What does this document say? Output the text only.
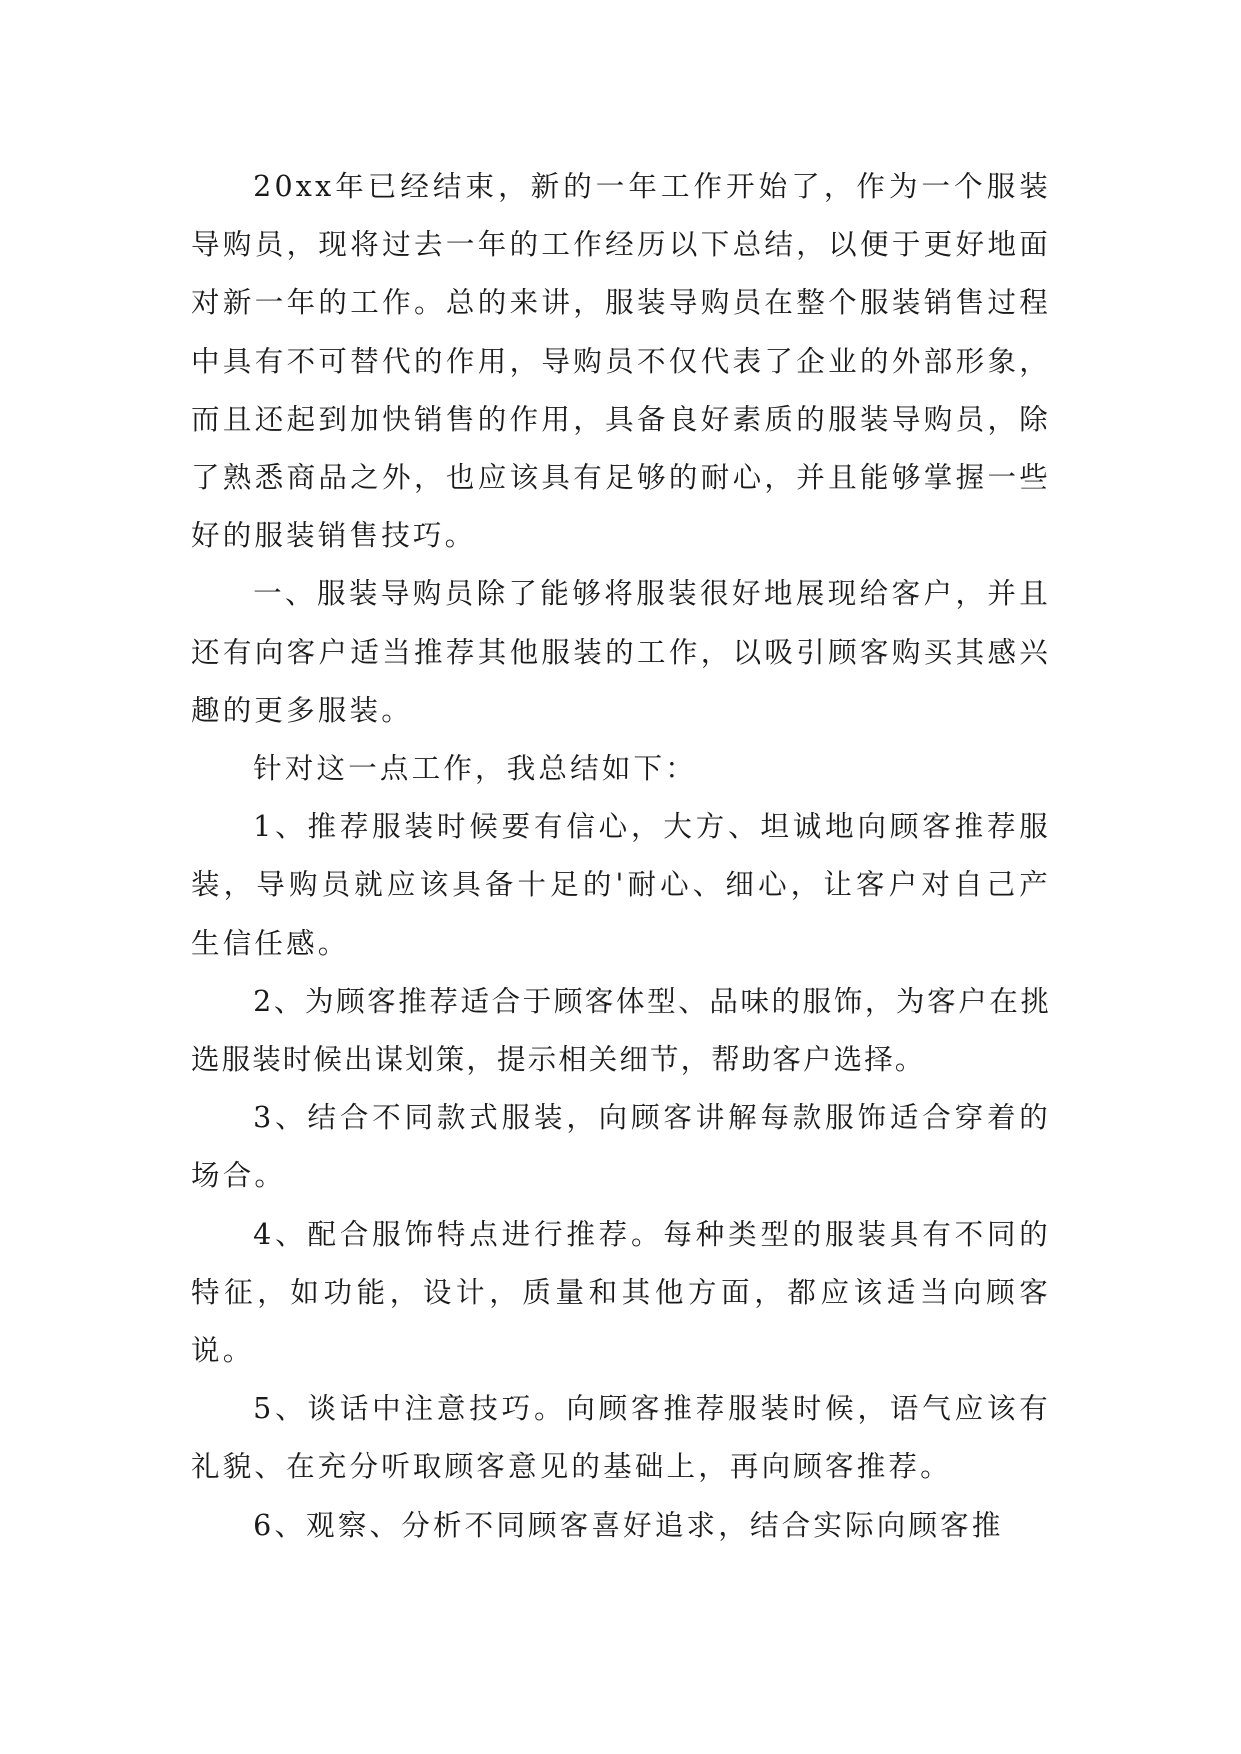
20xx年已经结束，新的一年工作开始了，作为一个服装导购员，现将过去一年的工作经历以下总结，以便于更好地面对新一年的工作。总的来讲，服装导购员在整个服装销售过程中具有不可替代的作用，导购员不仅代表了企业的外部形象，而且还起到加快销售的作用，具备良好素质的服装导购员，除了熟悉商品之外，也应该具有足够的耐心，并且能够掌握一些好的服装销售技巧。

一、服装导购员除了能够将服装很好地展现给客户，并且还有向客户适当推荐其他服装的工作，以吸引顾客购买其感兴趣的更多服装。

针对这一点工作，我总结如下：

1、推荐服装时候要有信心，大方、坦诚地向顾客推荐服装，导购员就应该具备十足的'耐心、细心，让客户对自己产生信任感。

2、为顾客推荐适合于顾客体型、品味的服饰，为客户在挑选服装时候出谋划策，提示相关细节，帮助客户选择。

3、结合不同款式服装，向顾客讲解每款服饰适合穿着的场合。

4、配合服饰特点进行推荐。每种类型的服装具有不同的特征，如功能，设计，质量和其他方面，都应该适当向顾客说。

5、谈话中注意技巧。向顾客推荐服装时候，语气应该有礼貌、在充分听取顾客意见的基础上，再向顾客推荐。

6、观察、分析不同顾客喜好追求，结合实际向顾客推
